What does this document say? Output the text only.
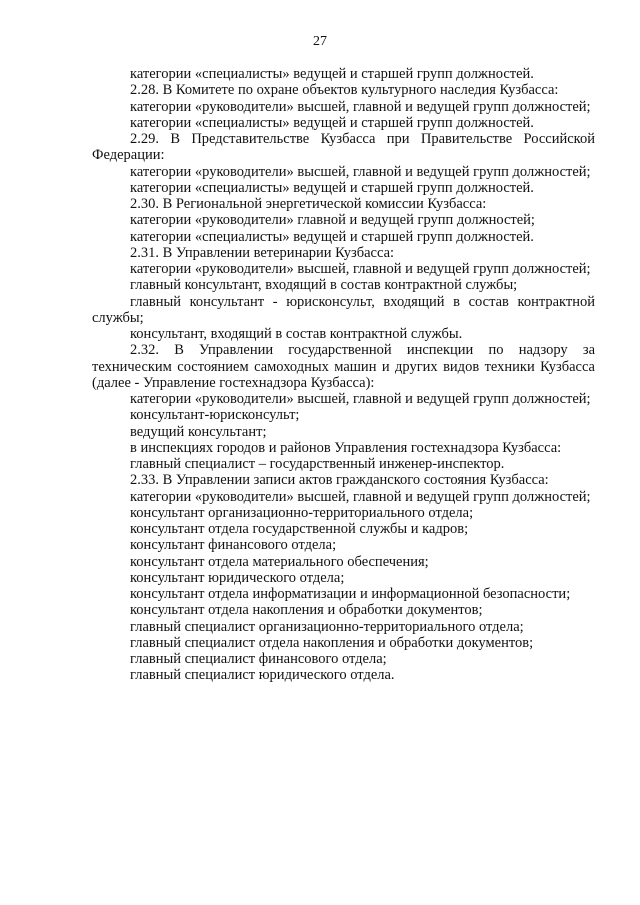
27

категории «специалисты» ведущей и старшей групп должностей.

2.28. В Комитете по охране объектов культурного наследия Кузбасса:

категории «руководители» высшей, главной и ведущей групп должностей;

категории «специалисты» ведущей и старшей групп должностей.

2.29. В Представительстве Кузбасса при Правительстве Российской Федерации:

категории «руководители» высшей, главной и ведущей групп должностей;

категории «специалисты» ведущей и старшей групп должностей.

2.30. В Региональной энергетической комиссии Кузбасса:

категории «руководители» главной и ведущей групп должностей;

категории «специалисты» ведущей и старшей групп должностей.

2.31. В Управлении ветеринарии Кузбасса:

категории «руководители» высшей, главной и ведущей групп должностей;

главный консультант, входящий в состав контрактной службы;

главный консультант - юрисконсульт, входящий в состав контрактной службы;

консультант, входящий в состав контрактной службы.

2.32. В Управлении государственной инспекции по надзору за техническим состоянием самоходных машин и других видов техники Кузбасса (далее - Управление гостехнадзора Кузбасса):

категории «руководители» высшей, главной и ведущей групп должностей;

консультант-юрисконсульт;

ведущий консультант;

в инспекциях городов и районов Управления гостехнадзора Кузбасса:

главный специалист – государственный инженер-инспектор.

2.33. В Управлении записи актов гражданского состояния Кузбасса:

категории «руководители» высшей, главной и ведущей групп должностей;

консультант организационно-территориального отдела;

консультант отдела государственной службы и кадров;

консультант финансового отдела;

консультант отдела материального обеспечения;

консультант юридического отдела;

консультант отдела информатизации и информационной безопасности;

консультант отдела накопления и обработки документов;

главный специалист организационно-территориального отдела;

главный специалист отдела накопления и обработки документов;

главный специалист финансового отдела;

главный специалист юридического отдела.
